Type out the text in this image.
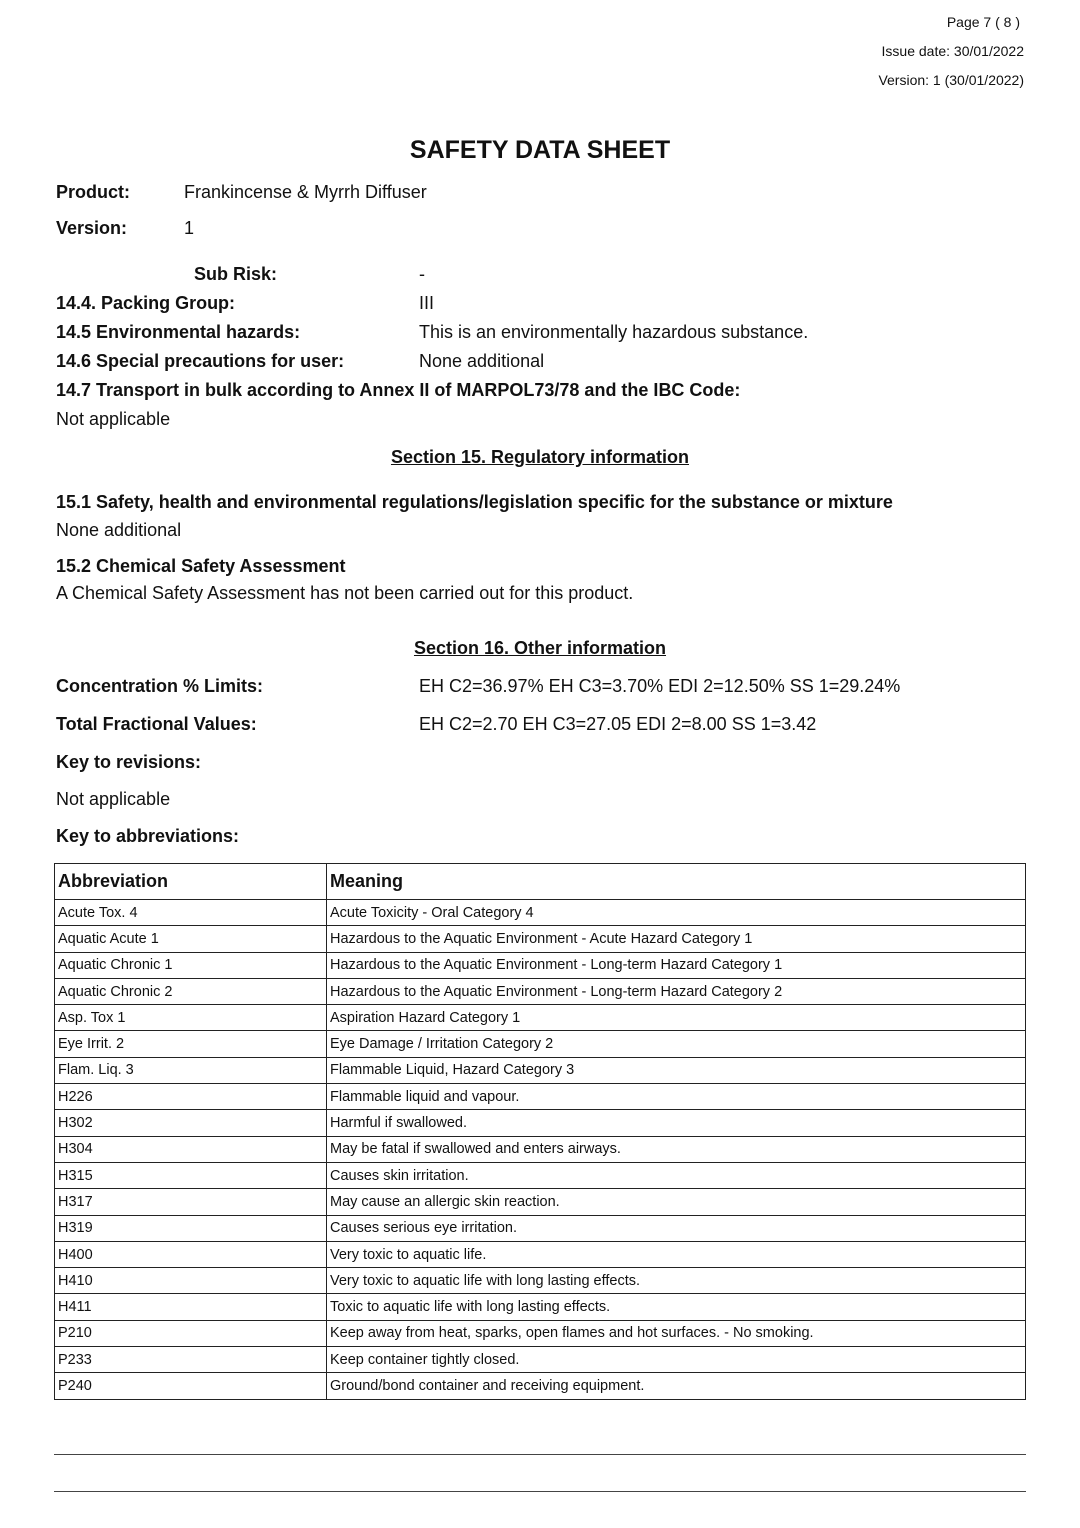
Page 7 ( 8 )
Issue date: 30/01/2022
Version: 1 (30/01/2022)
SAFETY DATA SHEET
Product:	Frankincense & Myrrh Diffuser
Version:	1
Sub Risk:	-
14.4. Packing Group:	III
14.5 Environmental hazards:	This is an environmentally hazardous substance.
14.6 Special precautions for user:	None additional
14.7 Transport in bulk according to Annex II of MARPOL73/78 and the IBC Code:
Not applicable
Section 15. Regulatory information
15.1 Safety, health and environmental regulations/legislation specific for the substance or mixture
None additional
15.2 Chemical Safety Assessment
A Chemical Safety Assessment has not been carried out for this product.
Section 16. Other information
Concentration % Limits:	EH C2=36.97% EH C3=3.70% EDI 2=12.50% SS 1=29.24%
Total Fractional Values:	EH C2=2.70 EH C3=27.05 EDI 2=8.00 SS 1=3.42
Key to revisions:
Not applicable
Key to abbreviations:
Abbreviation	Meaning
Acute Tox. 4	Acute Toxicity - Oral Category 4
Aquatic Acute 1	Hazardous to the Aquatic Environment - Acute Hazard Category 1
Aquatic Chronic 1	Hazardous to the Aquatic Environment - Long-term Hazard Category 1
Aquatic Chronic 2	Hazardous to the Aquatic Environment - Long-term Hazard Category 2
Asp. Tox 1	Aspiration Hazard Category 1
Eye Irrit. 2	Eye Damage / Irritation Category 2
Flam. Liq. 3	Flammable Liquid, Hazard Category 3
H226	Flammable liquid and vapour.
H302	Harmful if swallowed.
H304	May be fatal if swallowed and enters airways.
H315	Causes skin irritation.
H317	May cause an allergic skin reaction.
H319	Causes serious eye irritation.
H400	Very toxic to aquatic life.
H410	Very toxic to aquatic life with long lasting effects.
H411	Toxic to aquatic life with long lasting effects.
P210	Keep away from heat, sparks, open flames and hot surfaces. - No smoking.
P233	Keep container tightly closed.
P240	Ground/bond container and receiving equipment.
